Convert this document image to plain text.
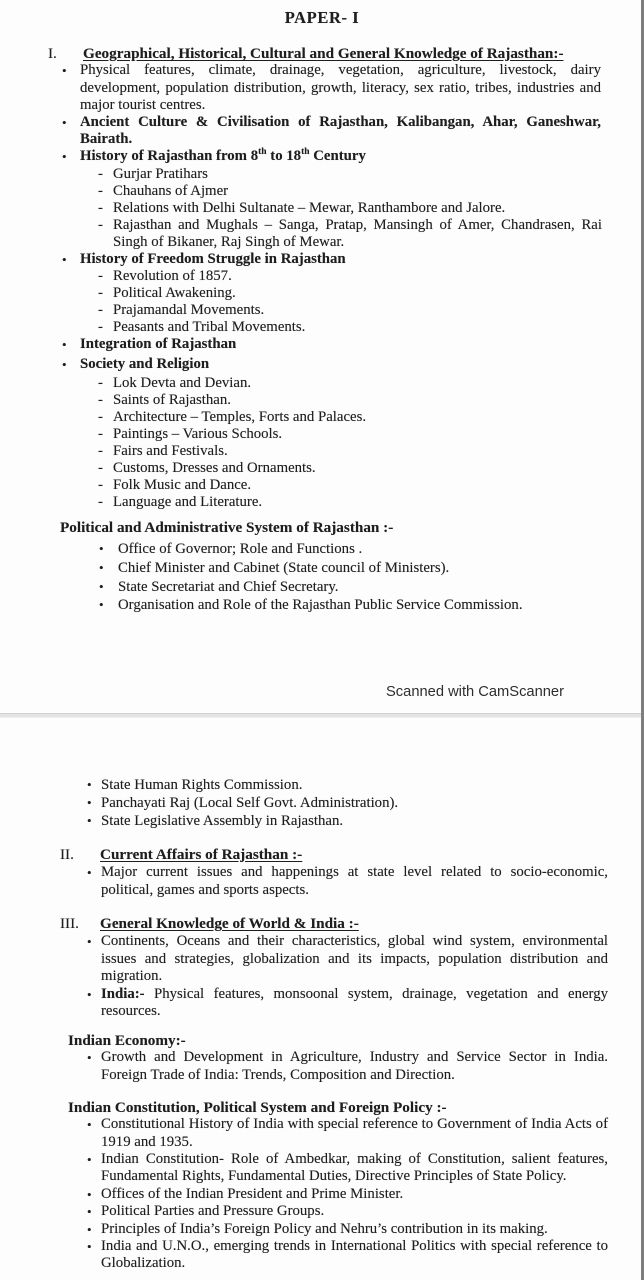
PAPER- I
I.	Geographical, Historical, Cultural and General Knowledge of Rajasthan:-
• Physical features, climate, drainage, vegetation, agriculture, livestock, dairy development, population distribution, growth, literacy, sex ratio, tribes, industries and major tourist centres.
• Ancient Culture & Civilisation of Rajasthan, Kalibangan, Ahar, Ganeshwar, Bairath.
• History of Rajasthan from 8th to 18th Century
- Gurjar Pratihars
- Chauhans of Ajmer
- Relations with Delhi Sultanate – Mewar, Ranthambore and Jalore.
- Rajasthan and Mughals – Sanga, Pratap, Mansingh of Amer, Chandrasen, Rai Singh of Bikaner, Raj Singh of Mewar.
• History of Freedom Struggle in Rajasthan
- Revolution of 1857.
- Political Awakening.
- Prajamandal Movements.
- Peasants and Tribal Movements.
• Integration of Rajasthan
• Society and Religion
- Lok Devta and Devian.
- Saints of Rajasthan.
- Architecture – Temples, Forts and Palaces.
- Paintings – Various Schools.
- Fairs and Festivals.
- Customs, Dresses and Ornaments.
- Folk Music and Dance.
- Language and Literature.
Political and Administrative System of Rajasthan :-
• Office of Governor; Role and Functions .
• Chief Minister and Cabinet (State council of Ministers).
• State Secretariat and Chief Secretary.
• Organisation and Role of the Rajasthan Public Service Commission.
Scanned with CamScanner
• State Human Rights Commission.
• Panchayati Raj (Local Self Govt. Administration).
• State Legislative Assembly in Rajasthan.
II.	Current Affairs of Rajasthan :-
• Major current issues and happenings at state level related to socio-economic, political, games and sports aspects.
III.	General Knowledge of World & India :-
• Continents, Oceans and their characteristics, global wind system, environmental issues and strategies, globalization and its impacts, population distribution and migration.
• India:- Physical features, monsoonal system, drainage, vegetation and energy resources.
Indian Economy:-
• Growth and Development in Agriculture, Industry and Service Sector in India. Foreign Trade of India: Trends, Composition and Direction.
Indian Constitution, Political System and Foreign Policy :-
• Constitutional History of India with special reference to Government of India Acts of 1919 and 1935.
• Indian Constitution- Role of Ambedkar, making of Constitution, salient features, Fundamental Rights, Fundamental Duties, Directive Principles of State Policy.
• Offices of the Indian President and Prime Minister.
• Political Parties and Pressure Groups.
• Principles of India’s Foreign Policy and Nehru’s contribution in its making.
• India and U.N.O., emerging trends in International Politics with special reference to Globalization.
